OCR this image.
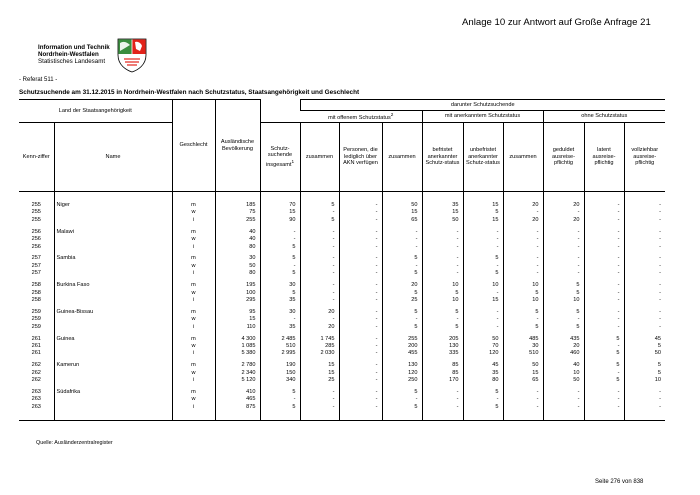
Anlage 10 zur Antwort auf Große Anfrage 21
Information und Technik
Nordrhein-Westfalen
Statistisches Landesamt
- Referat 511 -
Schutzsuchende am 31.12.2015 in Nordrhein-Westfalen nach Schutzstatus, Staatsangehörigkeit und Geschlecht
Land der Staatsangehörigkeit		Geschlecht	Ausländische Bevölkerung		darunter Schutzsuchende								
					mit offenem Schutzstatus$^2$			mit anerkanntem Schutzstatus			ohne Schutzstatus		
Kenn-ziffer	Name			Schutz-suchende insgesamt$^1$	zusammen	Personen, die lediglich über AKN verfügen	zusammen	befristet anerkannter Schutz-status	unbefristet anerkannter Schutz-status	zusammen	geduldet ausreise-pflichtig	latent ausreise-pflichtig	vollziehbar ausreise-pflichtig

255	Niger	m	185	70	5	-	50	35	15	20	20	-	-
255		w	75	15	-	-	15	15	5	-	-	-	-
255		i	255	90	5	-	65	50	15	20	20	-	-

256	Malawi	m	40	-	-	-	-	-	-	-	-	-	-
256		w	40	-	-	-	-	-	-	-	-	-	-
256		i	80	5	-	-	-	-	-	-	-	-	-

257	Sambia	m	30	5	-	-	5	-	5	-	-	-	-
257		w	50	-	-	-	-	-	-	-	-	-	-
257		i	80	5	-	-	5	-	5	-	-	-	-

258	Burkina Faso	m	195	30	-	-	20	10	10	10	5	-	-
258		w	100	5	-	-	5	5	-	5	5	-	-
258		i	295	35	-	-	25	10	15	10	10	-	-

259	Guinea-Bissau	m	95	30	20	-	5	5	-	5	5	-	-
259		w	15	-	-	-	-	-	-	-	-	-	-
259		i	110	35	20	-	5	5	-	5	5	-	-

261	Guinea	m	4 300	2 485	1 745	-	255	205	50	485	435	5	45
261		w	1 085	510	285	-	200	130	70	30	20	-	5
261		i	5 380	2 995	2 030	-	455	335	120	510	460	5	50

262	Kamerun	m	2 780	190	15	-	130	85	45	50	40	5	5
262		w	2 340	150	15	-	120	85	35	15	10	-	5
262		i	5 120	340	25	-	250	170	80	65	50	5	10

263	Südafrika	m	410	5	-	-	5	-	5	-	-	-	-
263		w	465	-	-	-	-	-	-	-	-	-	-
263		i	875	5	-	-	5	-	5	-	-	-	-

Quelle: Ausländerzentralregister
Seite 276 von 838
